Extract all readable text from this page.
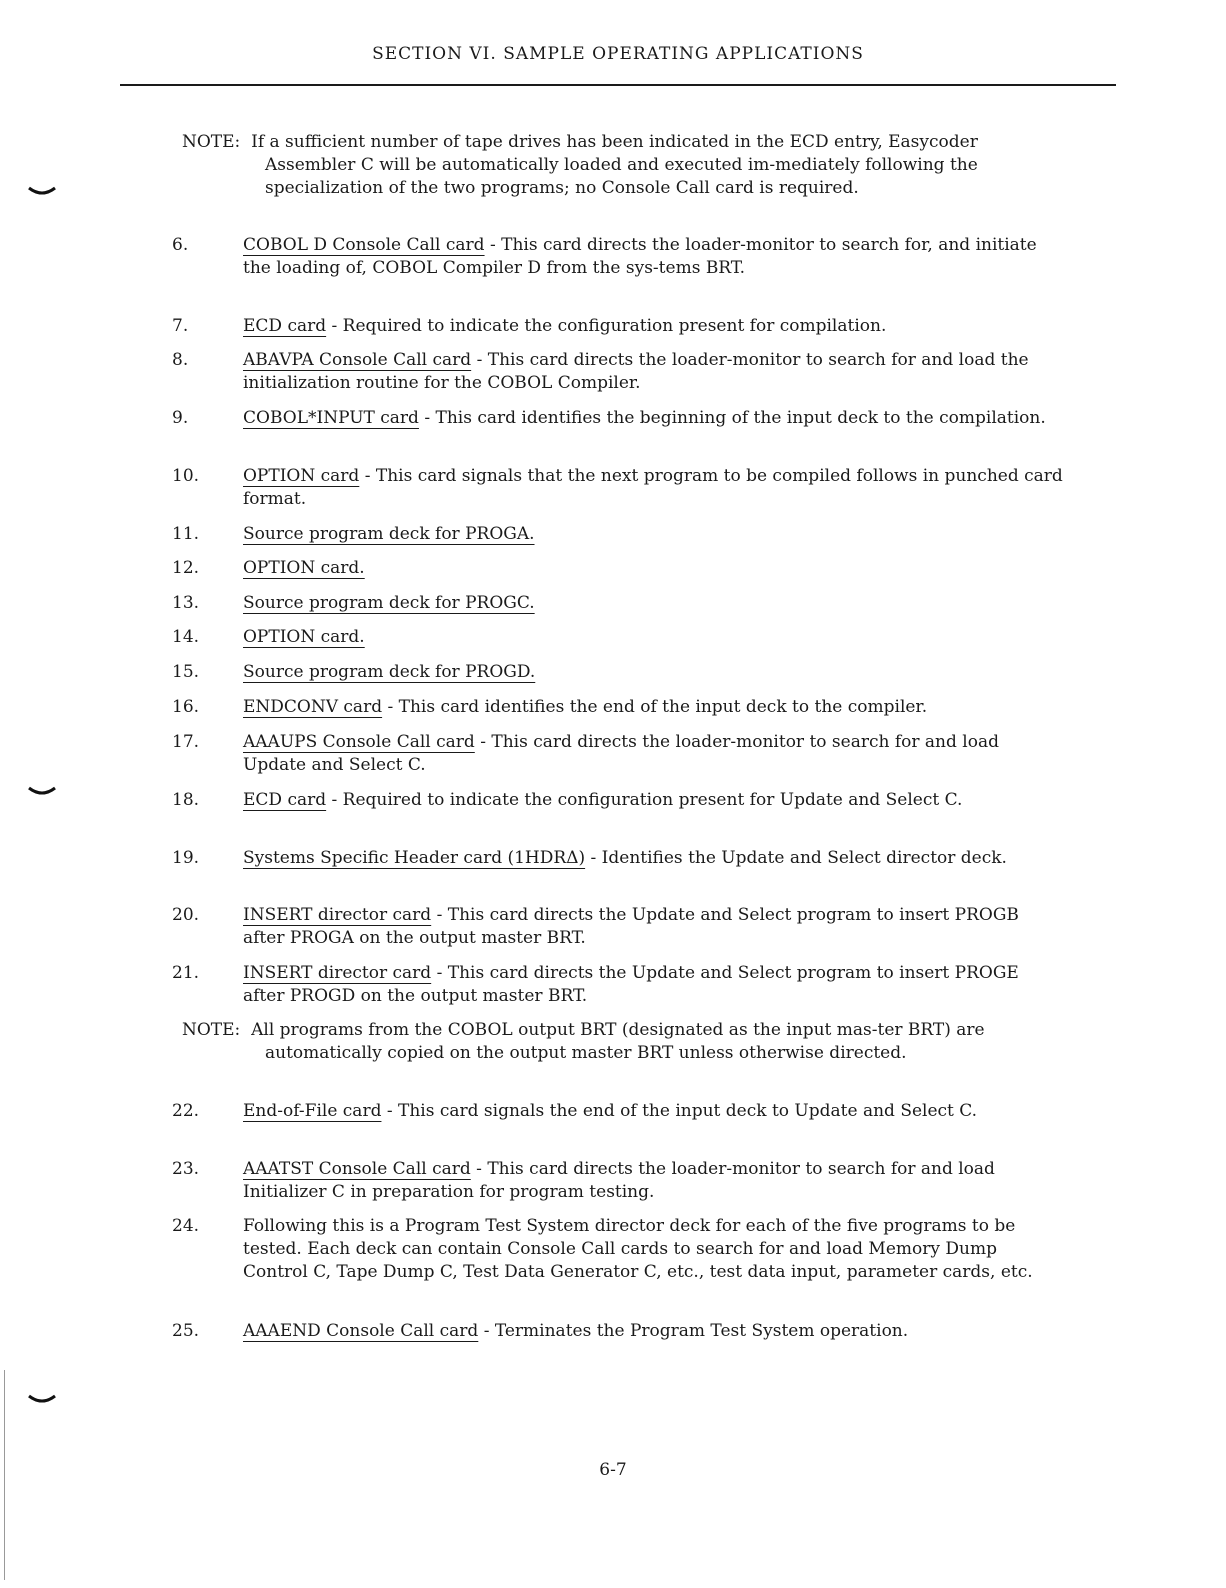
SECTION VI. SAMPLE OPERATING APPLICATIONS

NOTE: If a sufficient number of tape drives has been indicated in the ECD entry, Easycoder Assembler C will be automatically loaded and executed im-mediately following the specialization of the two programs; no Console Call card is required.

6.	COBOL D Console Call card - This card directs the loader-monitor to search for, and initiate the loading of, COBOL Compiler D from the sys-tems BRT.
7.	ECD card - Required to indicate the configuration present for compilation.
8.	ABAVPA Console Call card - This card directs the loader-monitor to search for and load the initialization routine for the COBOL Compiler.
9.	COBOL*INPUT card - This card identifies the beginning of the input deck to the compilation.
10.	OPTION card - This card signals that the next program to be compiled follows in punched card format.
11.	Source program deck for PROGA.
12.	OPTION card.
13.	Source program deck for PROGC.
14.	OPTION card.
15.	Source program deck for PROGD.
16.	ENDCONV card - This card identifies the end of the input deck to the compiler.
17.	AAAUPS Console Call card - This card directs the loader-monitor to search for and load Update and Select C.
18.	ECD card - Required to indicate the configuration present for Update and Select C.
19.	Systems Specific Header card (1HDRΔ) - Identifies the Update and Select director deck.
20.	INSERT director card - This card directs the Update and Select program to insert PROGB after PROGA on the output master BRT.
21.	INSERT director card - This card directs the Update and Select program to insert PROGE after PROGD on the output master BRT.

NOTE: All programs from the COBOL output BRT (designated as the input mas-ter BRT) are automatically copied on the output master BRT unless otherwise directed.

22.	End-of-File card - This card signals the end of the input deck to Update and Select C.
23.	AAATST Console Call card - This card directs the loader-monitor to search for and load Initializer C in preparation for program testing.
24.	Following this is a Program Test System director deck for each of the five programs to be tested. Each deck can contain Console Call cards to search for and load Memory Dump Control C, Tape Dump C, Test Data Generator C, etc., test data input, parameter cards, etc.
25.	AAAEND Console Call card - Terminates the Program Test System operation.
6-7
